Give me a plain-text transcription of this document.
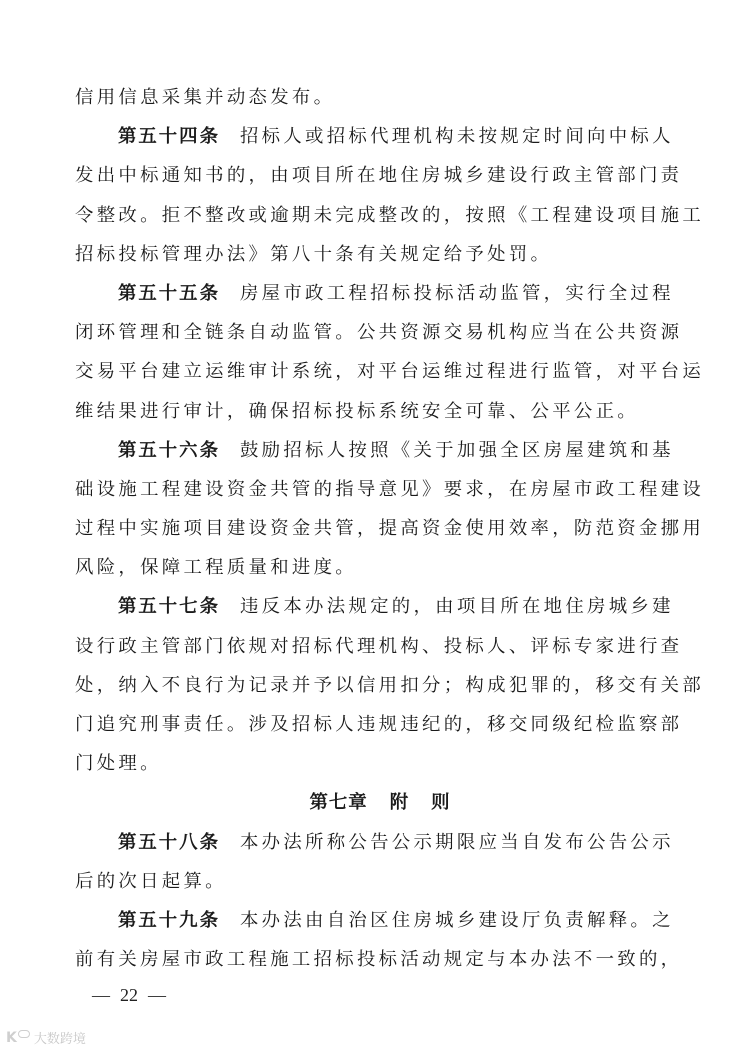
信用信息采集并动态发布。
第五十四条 招标人或招标代理机构未按规定时间向中标人
发出中标通知书的，由项目所在地住房城乡建设行政主管部门责
令整改。拒不整改或逾期未完成整改的，按照《工程建设项目施工
招标投标管理办法》第八十条有关规定给予处罚。
第五十五条 房屋市政工程招标投标活动监管，实行全过程
闭环管理和全链条自动监管。公共资源交易机构应当在公共资源
交易平台建立运维审计系统，对平台运维过程进行监管，对平台运
维结果进行审计，确保招标投标系统安全可靠、公平公正。
第五十六条 鼓励招标人按照《关于加强全区房屋建筑和基
础设施工程建设资金共管的指导意见》要求，在房屋市政工程建设
过程中实施项目建设资金共管，提高资金使用效率，防范资金挪用
风险，保障工程质量和进度。
第五十七条 违反本办法规定的，由项目所在地住房城乡建
设行政主管部门依规对招标代理机构、投标人、评标专家进行查
处，纳入不良行为记录并予以信用扣分；构成犯罪的，移交有关部
门追究刑事责任。涉及招标人违规违纪的，移交同级纪检监察部
门处理。
第七章 附 则
第五十八条 本办法所称公告公示期限应当自发布公告公示
后的次日起算。
第五十九条 本办法由自治区住房城乡建设厅负责解释。之
前有关房屋市政工程施工招标投标活动规定与本办法不一致的，
— 22 —
K 大数跨境
